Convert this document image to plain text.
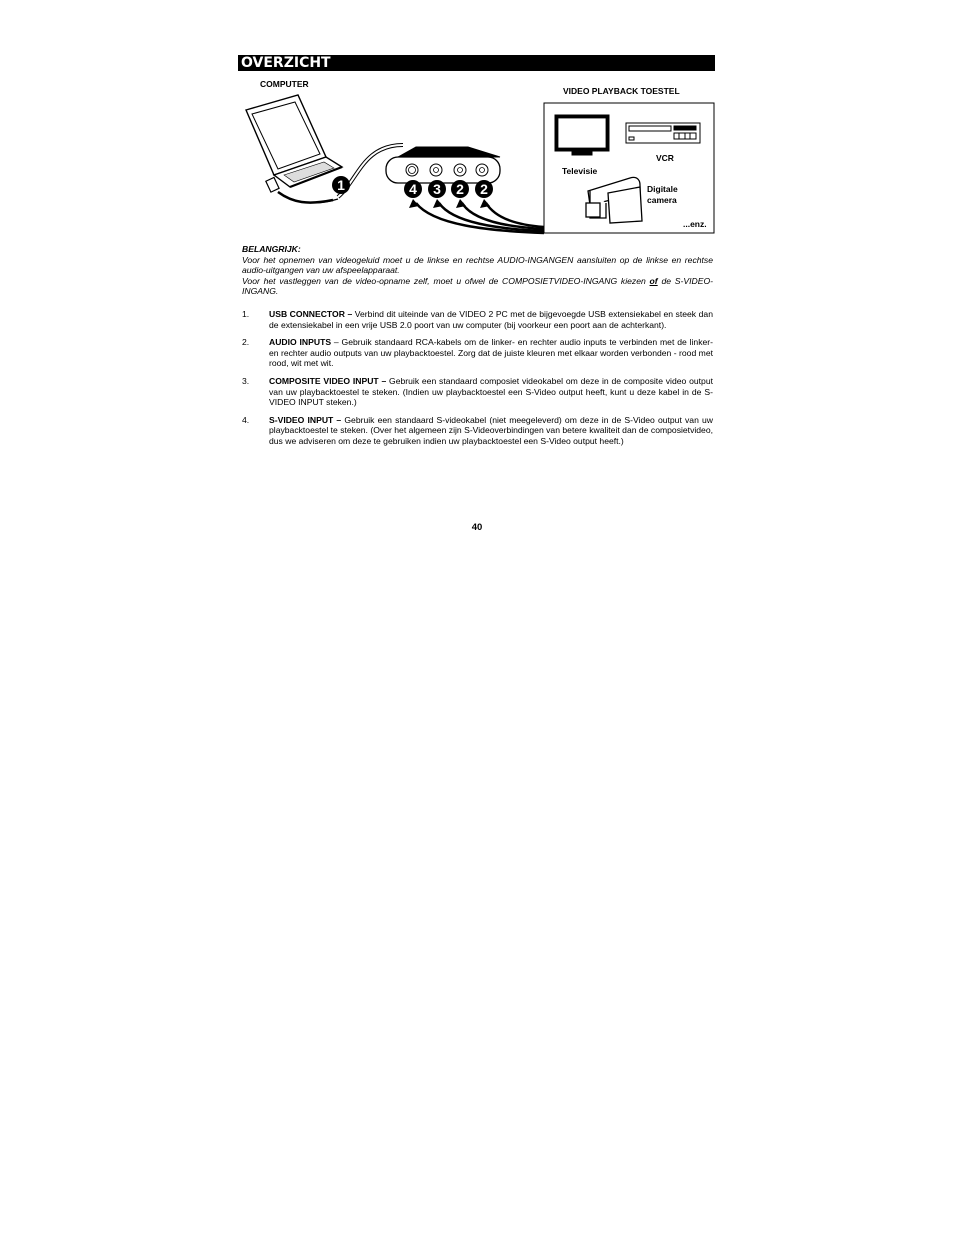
OVERZICHT
1	4 3 2 2
COMPUTER
VIDEO PLAYBACK TOESTEL
Televisie
VCR
Digitale
camera
...enz.

BELANGRIJK:

Voor het opnemen van videogeluid moet u de linkse en rechtse AUDIO-INGANGEN aansluiten op de linkse en rechtse audio-uitgangen van uw afspeelapparaat.

Voor het vastleggen van de video-opname zelf, moet u ofwel de COMPOSIETVIDEO-INGANG kiezen of de S-VIDEO-INGANG.

1. USB CONNECTOR – Verbind dit uiteinde van de VIDEO 2 PC met de bijgevoegde USB extensiekabel en steek dan de extensiekabel in een vrije USB 2.0 poort van uw computer (bij voorkeur een poort aan de achterkant).
2. AUDIO INPUTS – Gebruik standaard RCA-kabels om de linker- en rechter audio inputs te verbinden met de linker- en rechter audio outputs van uw playbacktoestel. Zorg dat de juiste kleuren met elkaar worden verbonden - rood met rood, wit met wit.
3. COMPOSITE VIDEO INPUT – Gebruik een standaard composiet videokabel om deze in de composite video output van uw playbacktoestel te steken. (Indien uw playbacktoestel een S-Video output heeft, kunt u deze kabel in de S-VIDEO INPUT steken.)
4. S-VIDEO INPUT – Gebruik een standaard S-videokabel (niet meegeleverd) om deze in de S-Video output van uw playbacktoestel te steken. (Over het algemeen zijn S-Videoverbindingen van betere kwaliteit dan de composietvideo, dus we adviseren om deze te gebruiken indien uw playbacktoestel een S-Video output heeft.)
40
